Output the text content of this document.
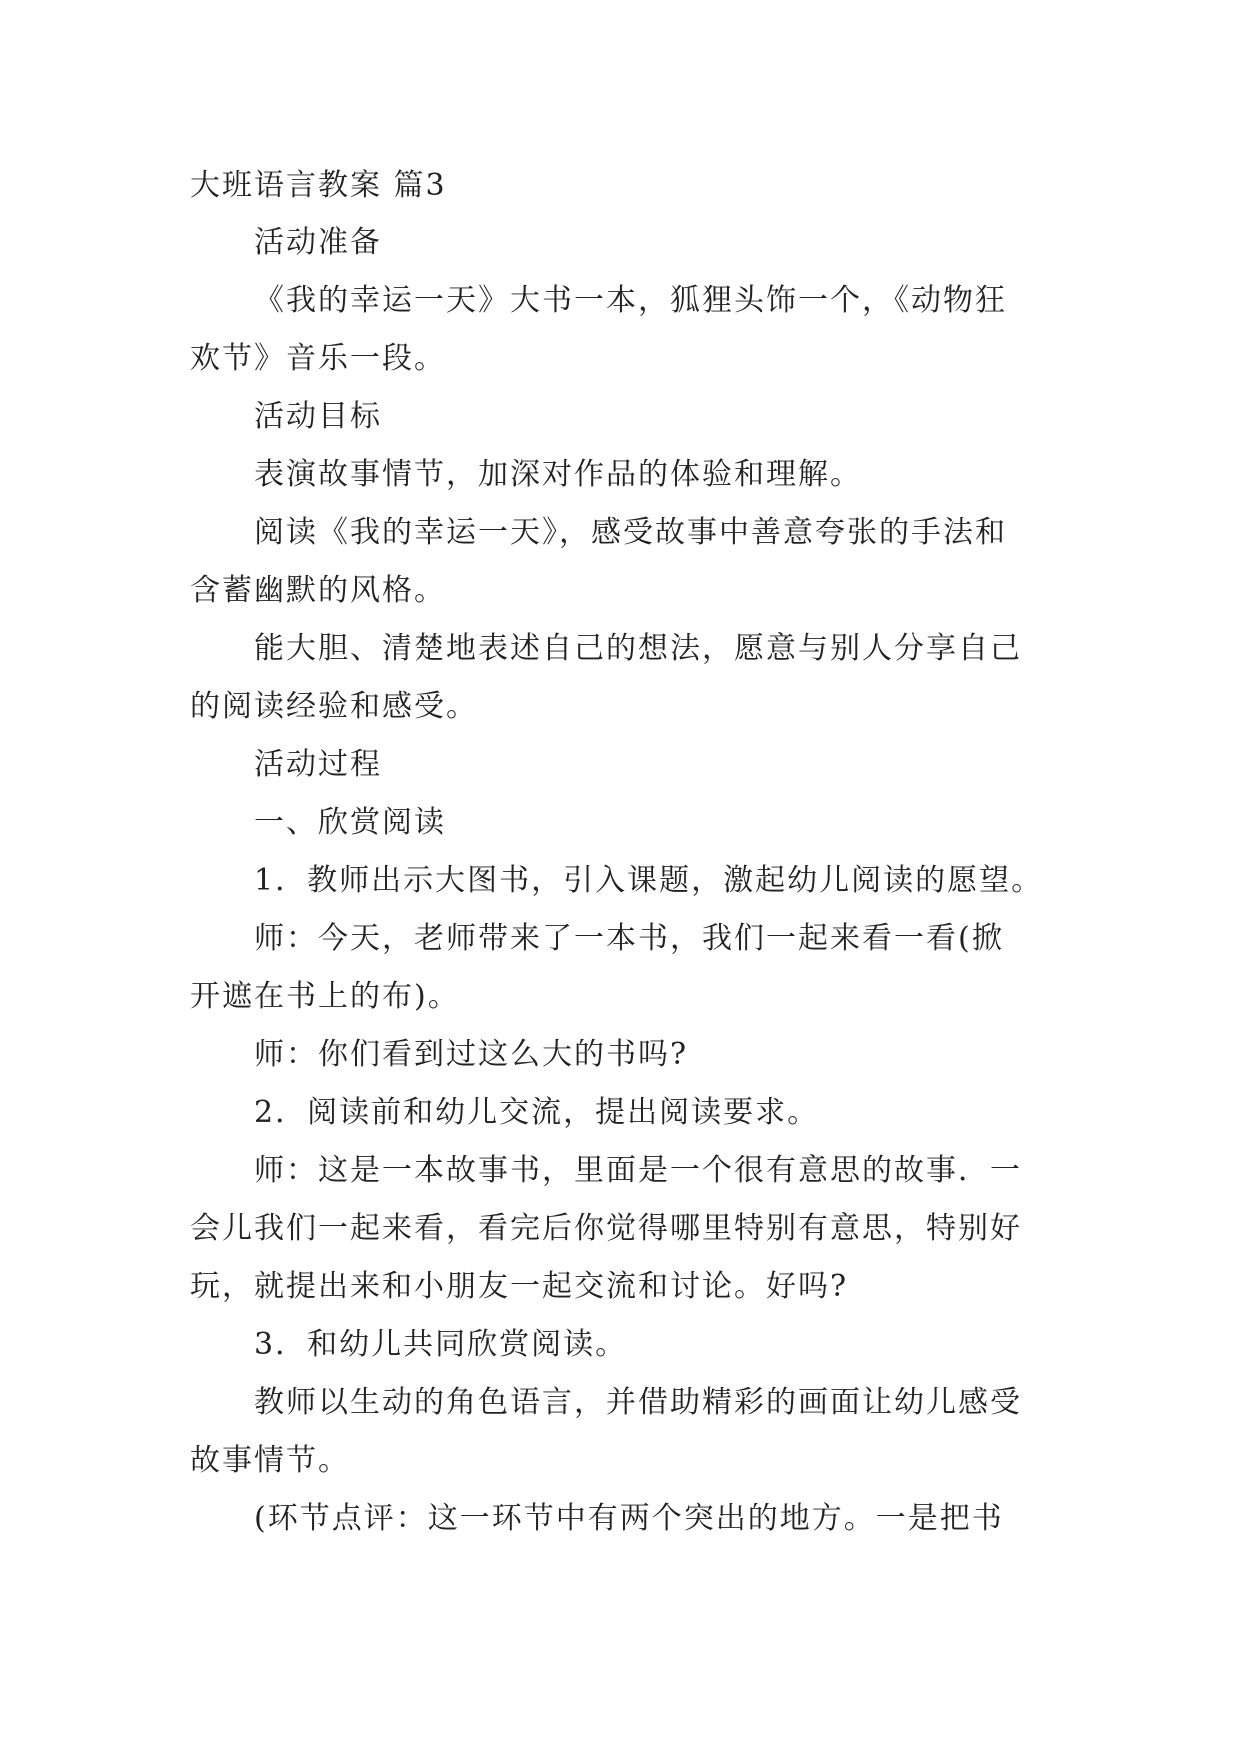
大班语言教案 篇3
活动准备
《我的幸运一天》大书一本，狐狸头饰一个，《动物狂
欢节》音乐一段。
活动目标
表演故事情节，加深对作品的体验和理解。
阅读《我的幸运一天》，感受故事中善意夸张的手法和
含蓄幽默的风格。
能大胆、清楚地表述自己的想法，愿意与别人分享自己
的阅读经验和感受。
活动过程
一、欣赏阅读
1．教师出示大图书，引入课题，激起幼儿阅读的愿望。
师：今天，老师带来了一本书，我们一起来看一看(掀
开遮在书上的布)。
师：你们看到过这么大的书吗?
2．阅读前和幼儿交流，提出阅读要求。
师：这是一本故事书，里面是一个很有意思的故事．一
会儿我们一起来看，看完后你觉得哪里特别有意思，特别好
玩，就提出来和小朋友一起交流和讨论。好吗?
3．和幼儿共同欣赏阅读。
教师以生动的角色语言，并借助精彩的画面让幼儿感受
故事情节。
(环节点评：这一环节中有两个突出的地方。一是把书
